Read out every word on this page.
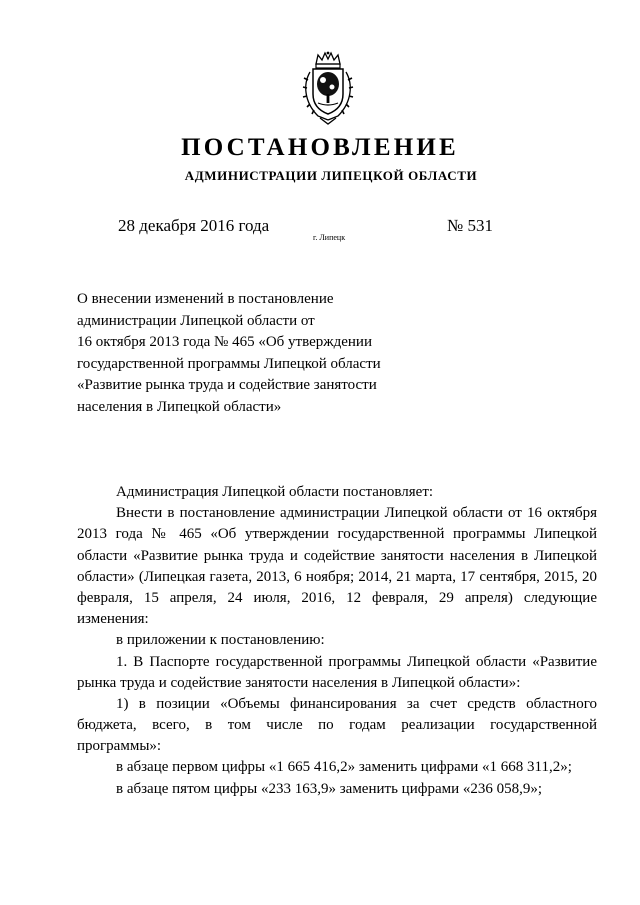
ПОСТАНОВЛЕНИЕ
АДМИНИСТРАЦИИ ЛИПЕЦКОЙ ОБЛАСТИ
28 декабря 2016 года
г. Липецк
№ 531
О внесении изменений в постановление
администрации Липецкой области от
16 октября 2013 года № 465 «Об утверждении
государственной программы Липецкой области
«Развитие рынка труда и содействие занятости
населения в Липецкой области»
Администрация Липецкой области постановляет:
Внести в постановление администрации Липецкой области от 16 октября
2013 года № 465 «Об утверждении государственной программы Липецкой
области «Развитие рынка труда и содействие занятости населения в Липецкой
области» (Липецкая газета, 2013, 6 ноября; 2014, 21 марта, 17 сентября, 2015, 20
февраля, 15 апреля, 24 июля, 2016, 12 февраля, 29 апреля) следующие
изменения:
в приложении к постановлению:
1. В Паспорте государственной программы Липецкой области «Развитие
рынка труда и содействие занятости населения в Липецкой области»:
1) в позиции «Объемы финансирования за счет средств областного
бюджета, всего, в том числе по годам реализации государственной
программы»:
в абзаце первом цифры «1 665 416,2» заменить цифрами «1 668 311,2»;
в абзаце пятом цифры «233 163,9» заменить цифрами «236 058,9»;
